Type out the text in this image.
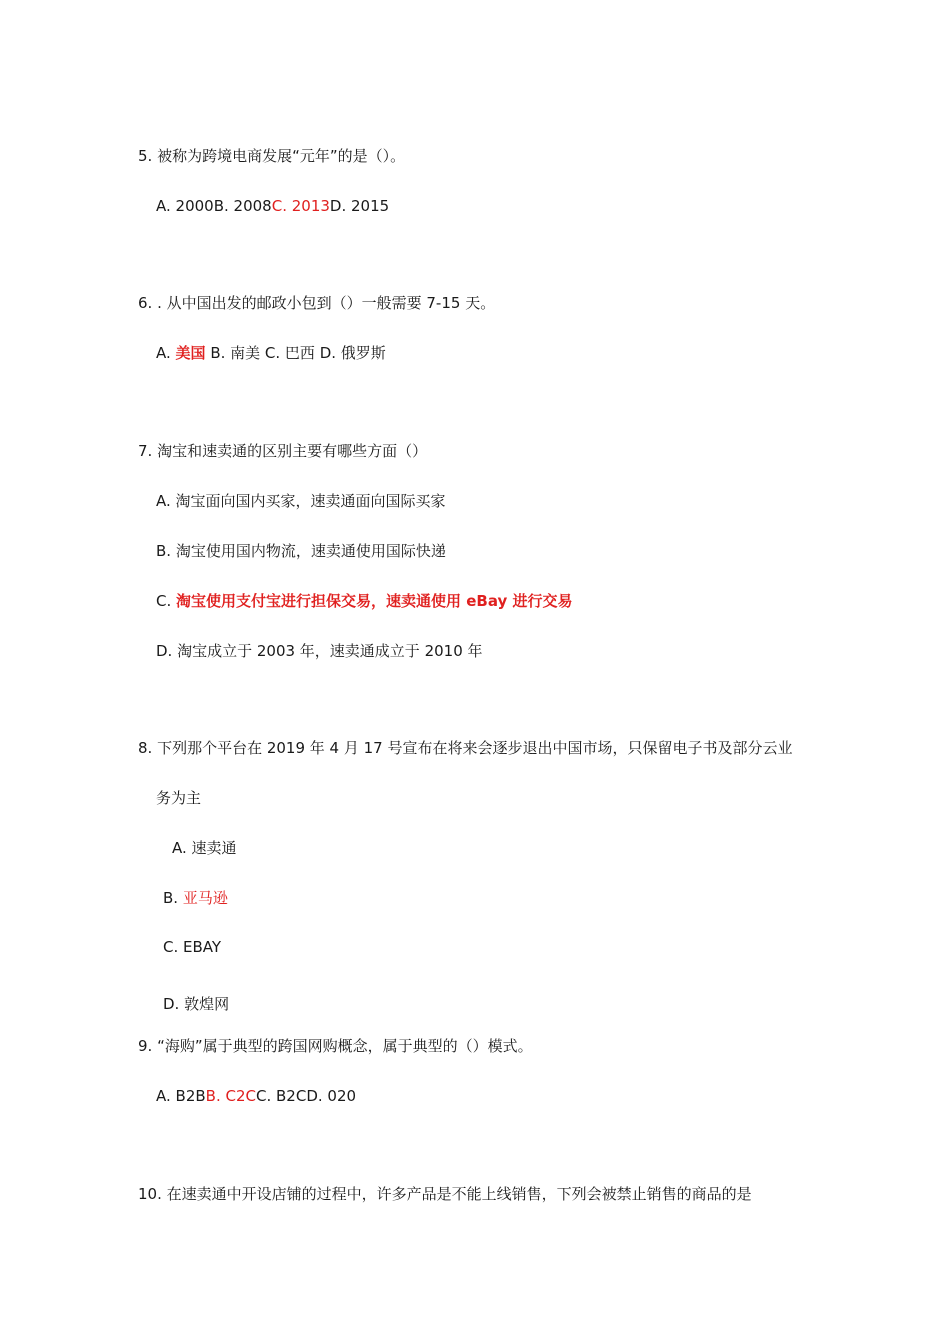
5. 被称为跨境电商发展“元年”的是（）。
A. 2000B. 2008C. 2013D. 2015
6. . 从中国出发的邮政小包到（）一般需要 7-15 天。
A. 美国 B. 南美 C. 巴西 D. 俄罗斯
7. 淘宝和速卖通的区别主要有哪些方面（）
A. 淘宝面向国内买家，速卖通面向国际买家
B. 淘宝使用国内物流，速卖通使用国际快递
C. 淘宝使用支付宝进行担保交易，速卖通使用 eBay 进行交易
D. 淘宝成立于 2003 年，速卖通成立于 2010 年
8. 下列那个平台在 2019 年 4 月 17 号宣布在将来会逐步退出中国市场，只保留电子书及部分云业
务为主
A. 速卖通
B. 亚马逊
C. EBAY
D. 敦煌网
9. “海购”属于典型的跨国网购概念，属于典型的（）模式。
A. B2BB. C2CC. B2CD. 020
10. 在速卖通中开设店铺的过程中，许多产品是不能上线销售，下列会被禁止销售的商品的是
